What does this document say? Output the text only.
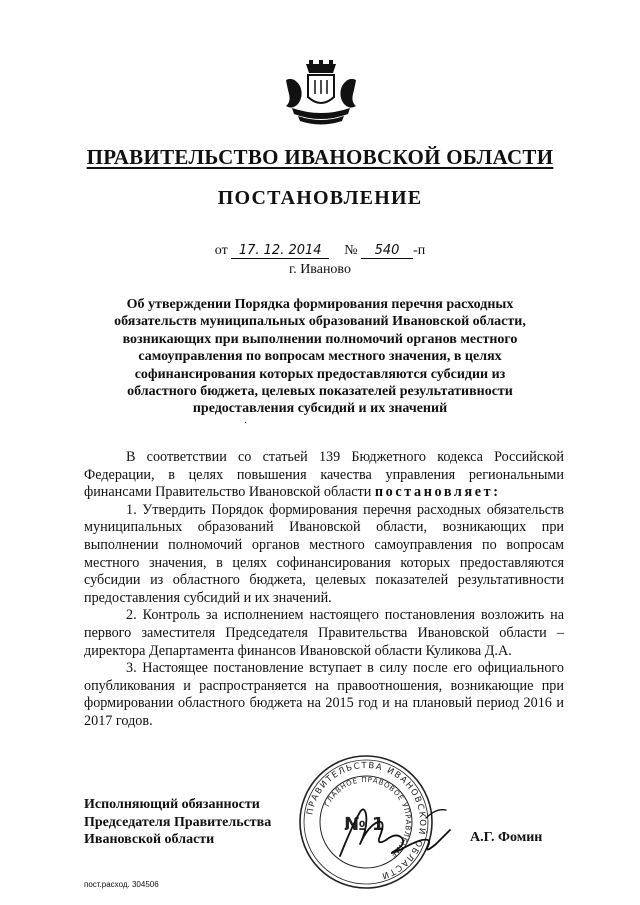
ПРАВИТЕЛЬСТВО ИВАНОВСКОЙ ОБЛАСТИ
ПОСТАНОВЛЕНИЕ
от 17. 12. 2014 № 540 -п
г. Иваново
Об утверждении Порядка формирования перечня расходных обязательств муниципальных образований Ивановской области, возникающих при выполнении полномочий органов местного самоуправления по вопросам местного значения, в целях софинансирования которых предоставляются субсидии из областного бюджета, целевых показателей результативности предоставления субсидий и их значений
·

В соответствии со статьей 139 Бюджетного кодекса Российской Федерации, в целях повышения качества управления региональными финансами Правительство Ивановской области постановляет:

1. Утвердить Порядок формирования перечня расходных обязательств муниципальных образований Ивановской области, возникающих при выполнении полномочий органов местного самоуправления по вопросам местного значения, в целях софинансирования которых предоставляются субсидии из областного бюджета, целевых показателей результативности предоставления субсидий и их значений.

2. Контроль за исполнением настоящего постановления возложить на первого заместителя Председателя Правительства Ивановской области – директора Департамента финансов Ивановской области Куликова Д.А.

3. Настоящее постановление вступает в силу после его официального опубликования и распространяется на правоотношения, возникающие при формировании областного бюджета на 2015 год и на плановый период 2016 и 2017 годов.

Исполняющий обязанности
Председателя Правительства
Ивановской области
ПРАВИТЕЛЬСТВА ИВАНОВСКОЙ ОБЛАСТИ
ГЛАВНОЕ ПРАВОВОЕ УПРАВЛЕНИЕ
№ 1
А.Г. Фомин
пост.расход. 304506
